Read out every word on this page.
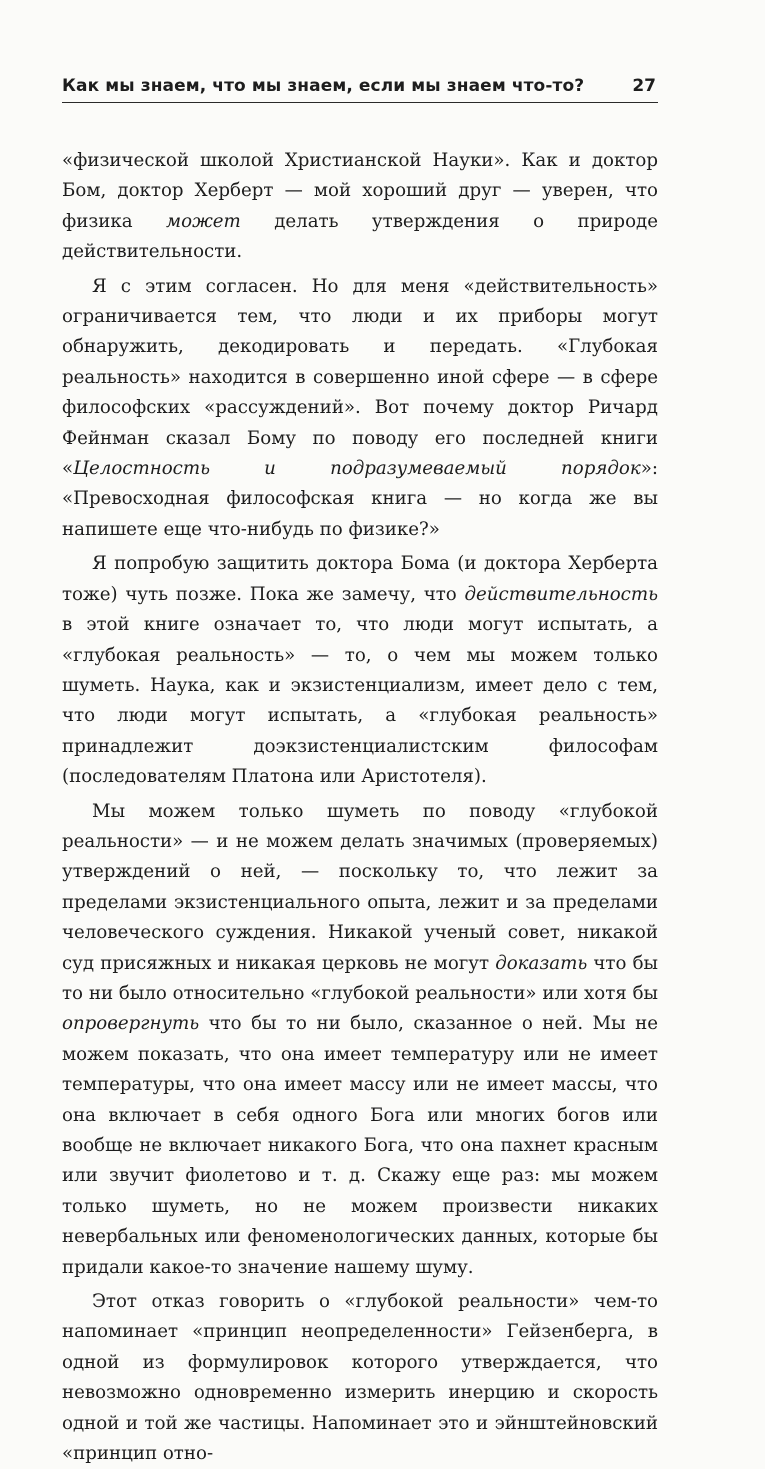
Как мы знаем, что мы знаем, если мы знаем что-то?	27

«физической школой Христианской Науки». Как и доктор Бом, доктор Херберт — мой хороший друг — уверен, что физика может делать утверждения о природе действительности.

Я с этим согласен. Но для меня «действительность» ограничивается тем, что люди и их приборы могут обнаружить, декодировать и передать. «Глубокая реальность» находится в совершенно иной сфере — в сфере философских «рассуждений». Вот почему доктор Ричард Фейнман сказал Бому по поводу его последней книги «Целостность и подразумеваемый порядок»: «Превосходная философская книга — но когда же вы напишете еще что-нибудь по физике?»

Я попробую защитить доктора Бома (и доктора Херберта тоже) чуть позже. Пока же замечу, что действительность в этой книге означает то, что люди могут испытать, а «глубокая реальность» — то, о чем мы можем только шуметь. Наука, как и экзистенциализм, имеет дело с тем, что люди могут испытать, а «глубокая реальность» принадлежит доэкзистенциалистским философам (последователям Платона или Аристотеля).

Мы можем только шуметь по поводу «глубокой реальности» — и не можем делать значимых (проверяемых) утверждений о ней, — поскольку то, что лежит за пределами экзистенциального опыта, лежит и за пределами человеческого суждения. Никакой ученый совет, никакой суд присяжных и никакая церковь не могут доказать что бы то ни было относительно «глубокой реальности» или хотя бы опровергнуть что бы то ни было, сказанное о ней. Мы не можем показать, что она имеет температуру или не имеет температуры, что она имеет массу или не имеет массы, что она включает в себя одного Бога или многих богов или вообще не включает никакого Бога, что она пахнет красным или звучит фиолетово и т. д. Скажу еще раз: мы можем только шуметь, но не можем произвести никаких невербальных или феноменологических данных, которые бы придали какое-то значение нашему шуму.

Этот отказ говорить о «глубокой реальности» чем-то напоминает «принцип неопределенности» Гейзенберга, в одной из формулировок которого утверждается, что невозможно одновременно измерить инерцию и скорость одной и той же частицы. Напоминает это и эйнштейновский «принцип отно-
